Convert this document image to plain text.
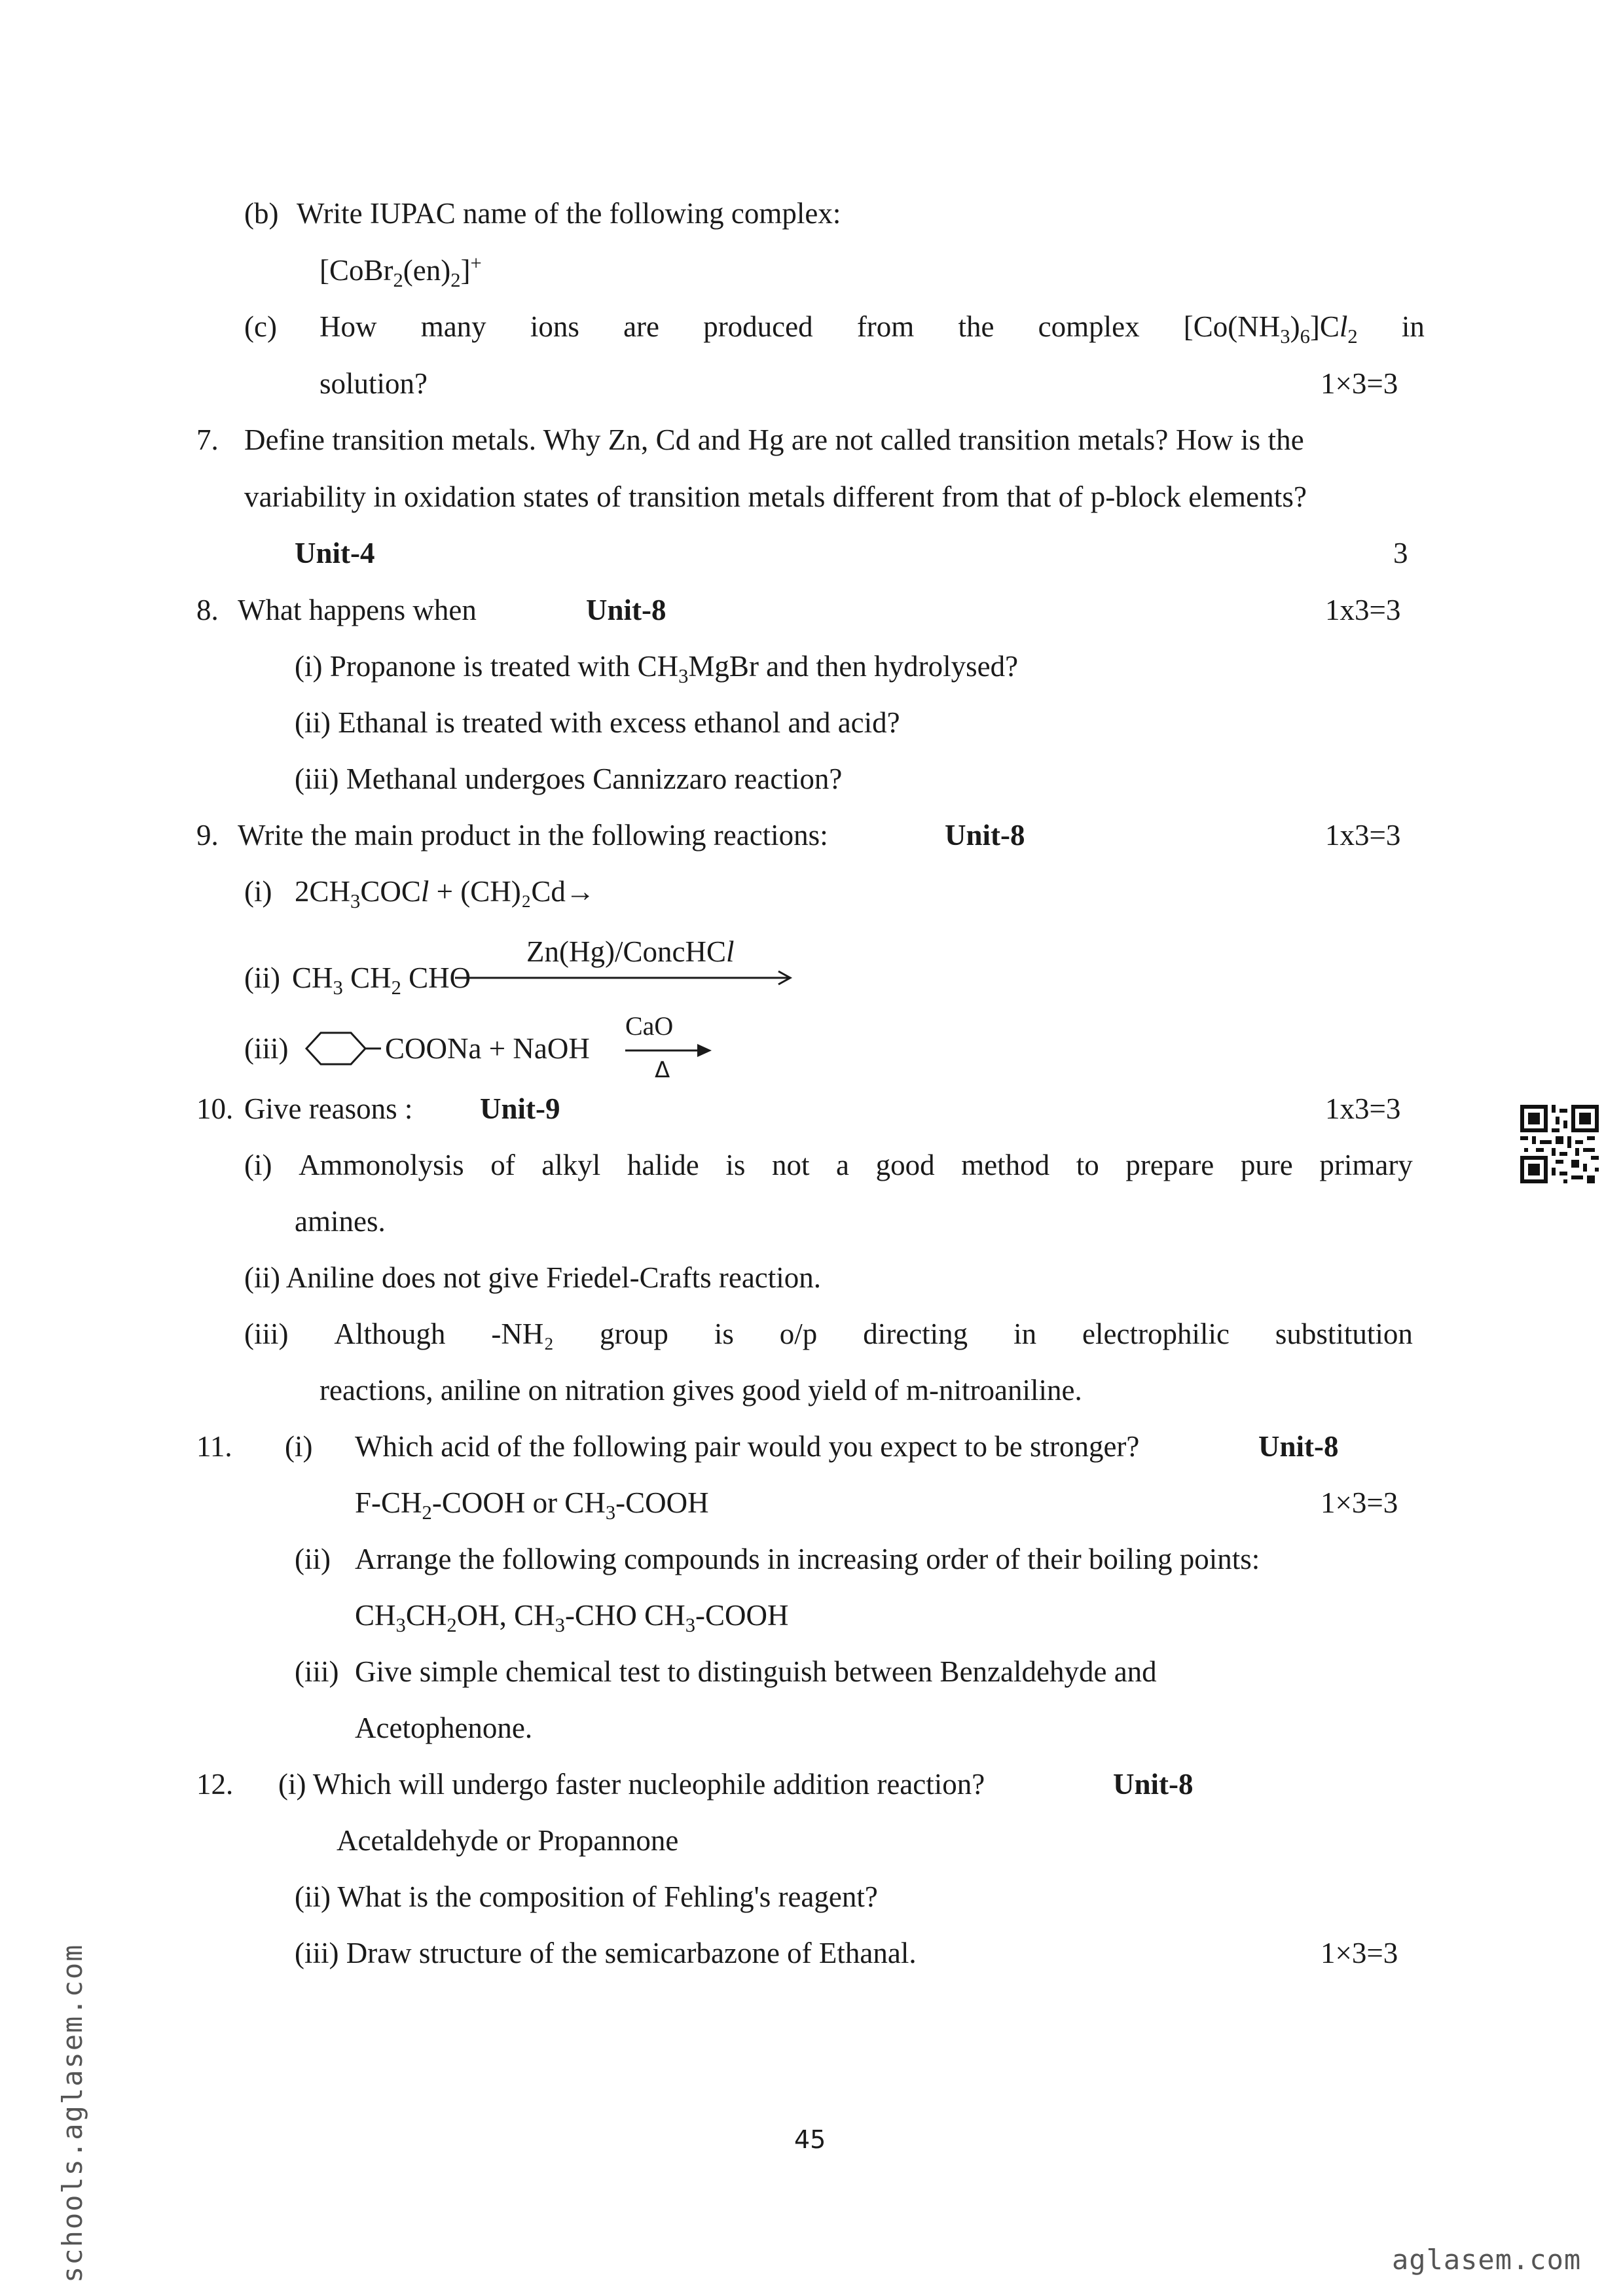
(b) Write IUPAC name of the following complex:
$[CoBr_2(en)_2]^+$
(c) How many ions are produced from the complex $[Co(NH_3)_6]Cl_2$ in
solution?	1×3=3
7. Define transition metals. Why Zn, Cd and Hg are not called transition metals? How is the
variability in oxidation states of transition metals different from that of p-block elements?
Unit-4	3
8. What happens when	Unit-8	1x3=3
(i) Propanone is treated with $CH_3MgBr$ and then hydrolysed?
(ii) Ethanal is treated with excess ethanol and acid?
(iii) Methanal undergoes Cannizzaro reaction?
9. Write the main product in the following reactions:	Unit-8	1x3=3
(i) $2CH_3COCl + (CH)_2Cd\to$
(ii) $CH_3$ $CH_2$ CHO
Zn(Hg)/ConcHCl
(iii)	COONa + NaOH
CaO
Δ
10. Give reasons : Unit-9	1x3=3
(i) Ammonolysis of alkyl halide is not a good method to prepare pure primary
amines.
(ii) Aniline does not give Friedel-Crafts reaction.
(iii) Although -NH₂ group is o/p directing in electrophilic substitution
reactions, aniline on nitration gives good yield of m-nitroaniline.
11. (i) Which acid of the following pair would you expect to be stronger?	Unit-8
$F-CH_2$-COOH or $CH_3$-COOH	1×3=3
(ii) Arrange the following compounds in increasing order of their boiling points:
$CH_3CH_2OH$, $CH_3$-CHO $CH_3$-COOH
(iii) Give simple chemical test to distinguish between Benzaldehyde and
Acetophenone.
12. (i) Which will undergo faster nucleophile addition reaction?	Unit-8
Acetaldehyde or Propannone
(ii) What is the composition of Fehling's reagent?
(iii) Draw structure of the semicarbazone of Ethanal.	1×3=3
45
schools.aglasem.com	aglasem.com
